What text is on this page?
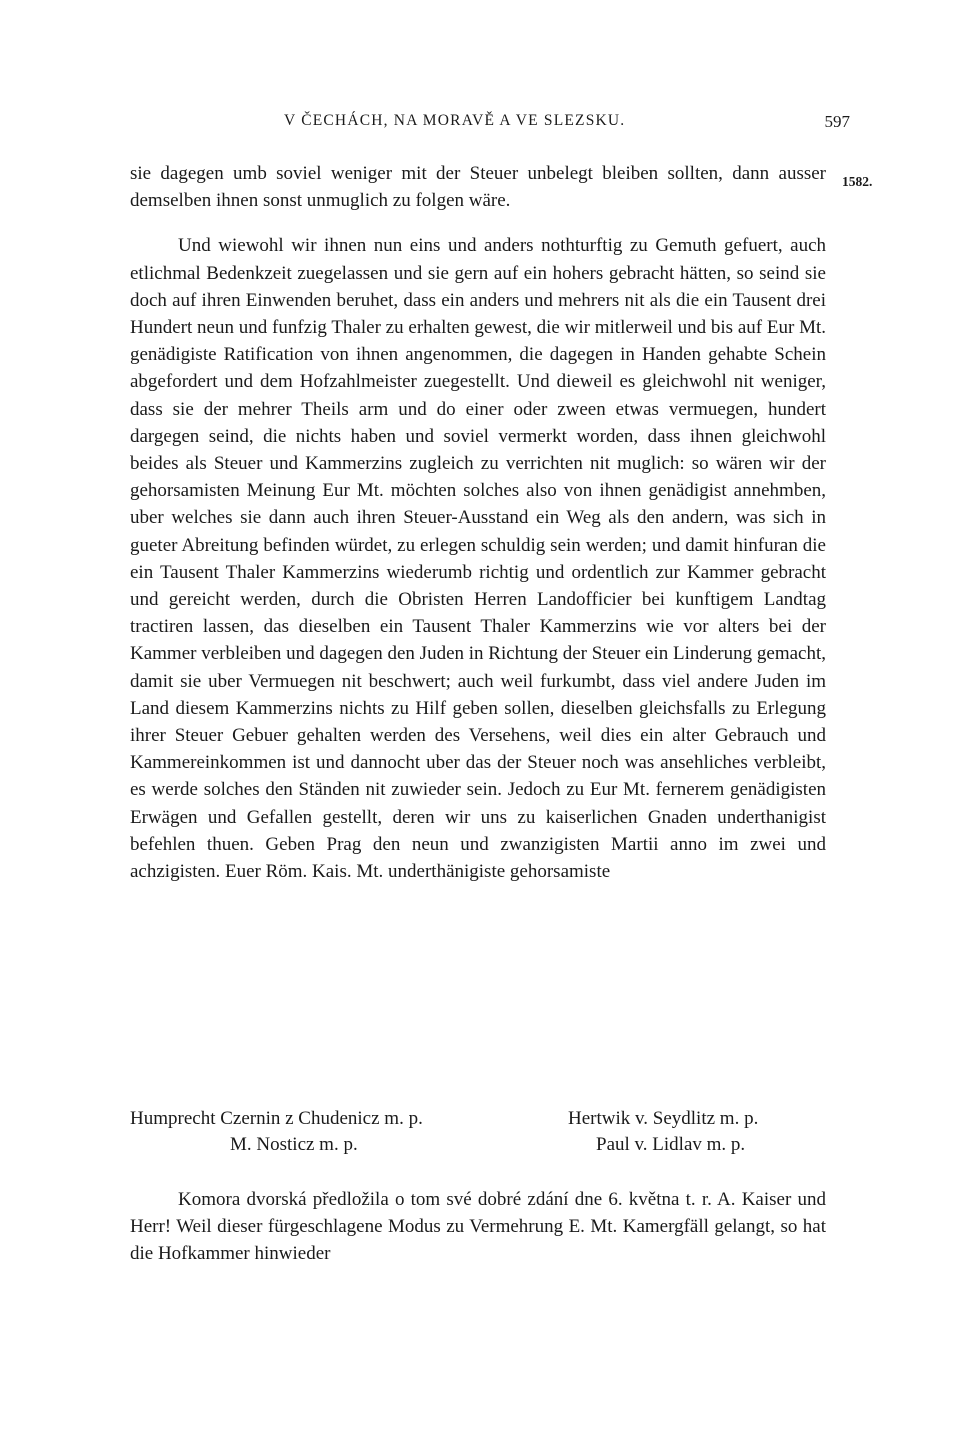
V ČECHÁCH, NA MORAVĚ A VE SLEZSKU.	597
1582.

sie dagegen umb soviel weniger mit der Steuer unbelegt bleiben sollten, dann ausser demselben ihnen sonst unmuglich zu folgen wäre.

Und wiewohl wir ihnen nun eins und anders nothturftig zu Gemuth gefuert, auch etlichmal Bedenkzeit zuegelassen und sie gern auf ein hohers gebracht hätten, so seind sie doch auf ihren Einwenden beruhet, dass ein anders und mehrers nit als die ein Tausent drei Hundert neun und funfzig Thaler zu erhalten gewest, die wir mitlerweil und bis auf Eur Mt. genädigiste Ratification von ihnen angenommen, die dagegen in Handen gehabte Schein abgefordert und dem Hofzahlmeister zuegestellt. Und dieweil es gleichwohl nit weniger, dass sie der mehrer Theils arm und do einer oder zween etwas vermuegen, hundert dargegen seind, die nichts haben und soviel vermerkt worden, dass ihnen gleichwohl beides als Steuer und Kammerzins zugleich zu verrichten nit muglich: so wären wir der gehorsamisten Meinung Eur Mt. möchten solches also von ihnen genädigist annehmben, uber welches sie dann auch ihren Steuer-Ausstand ein Weg als den andern, was sich in gueter Abreitung befinden würdet, zu erlegen schuldig sein werden; und damit hinfuran die ein Tausent Thaler Kammerzins wiederumb richtig und ordentlich zur Kammer gebracht und gereicht werden, durch die Obristen Herren Landofficier bei kunftigem Landtag tractiren lassen, das dieselben ein Tausent Thaler Kammerzins wie vor alters bei der Kammer verbleiben und dagegen den Juden in Richtung der Steuer ein Linderung gemacht, damit sie uber Vermuegen nit beschwert; auch weil furkumbt, dass viel andere Juden im Land diesem Kammerzins nichts zu Hilf geben sollen, dieselben gleichsfalls zu Erlegung ihrer Steuer Gebuer gehalten werden des Versehens, weil dies ein alter Gebrauch und Kammereinkommen ist und dannocht uber das der Steuer noch was ansehliches verbleibt, es werde solches den Ständen nit zuwieder sein. Jedoch zu Eur Mt. fernerem genädigisten Erwägen und Gefallen gestellt, deren wir uns zu kaiserlichen Gnaden underthanigist befehlen thuen. Geben Prag den neun und zwanzigisten Martii anno im zwei und achzigisten. Euer Röm. Kais. Mt. underthänigiste gehorsamiste

Humprecht Czernin z Chudenicz m. p.
M. Nosticz m. p.
Hertwik v. Seydlitz m. p.
Paul v. Lidlav m. p.

Komora dvorská předložila o tom své dobré zdání dne 6. května t. r. A. Kaiser und Herr! Weil dieser fürgeschlagene Modus zu Vermehrung E. Mt. Kamergfäll gelangt, so hat die Hofkammer hinwieder
